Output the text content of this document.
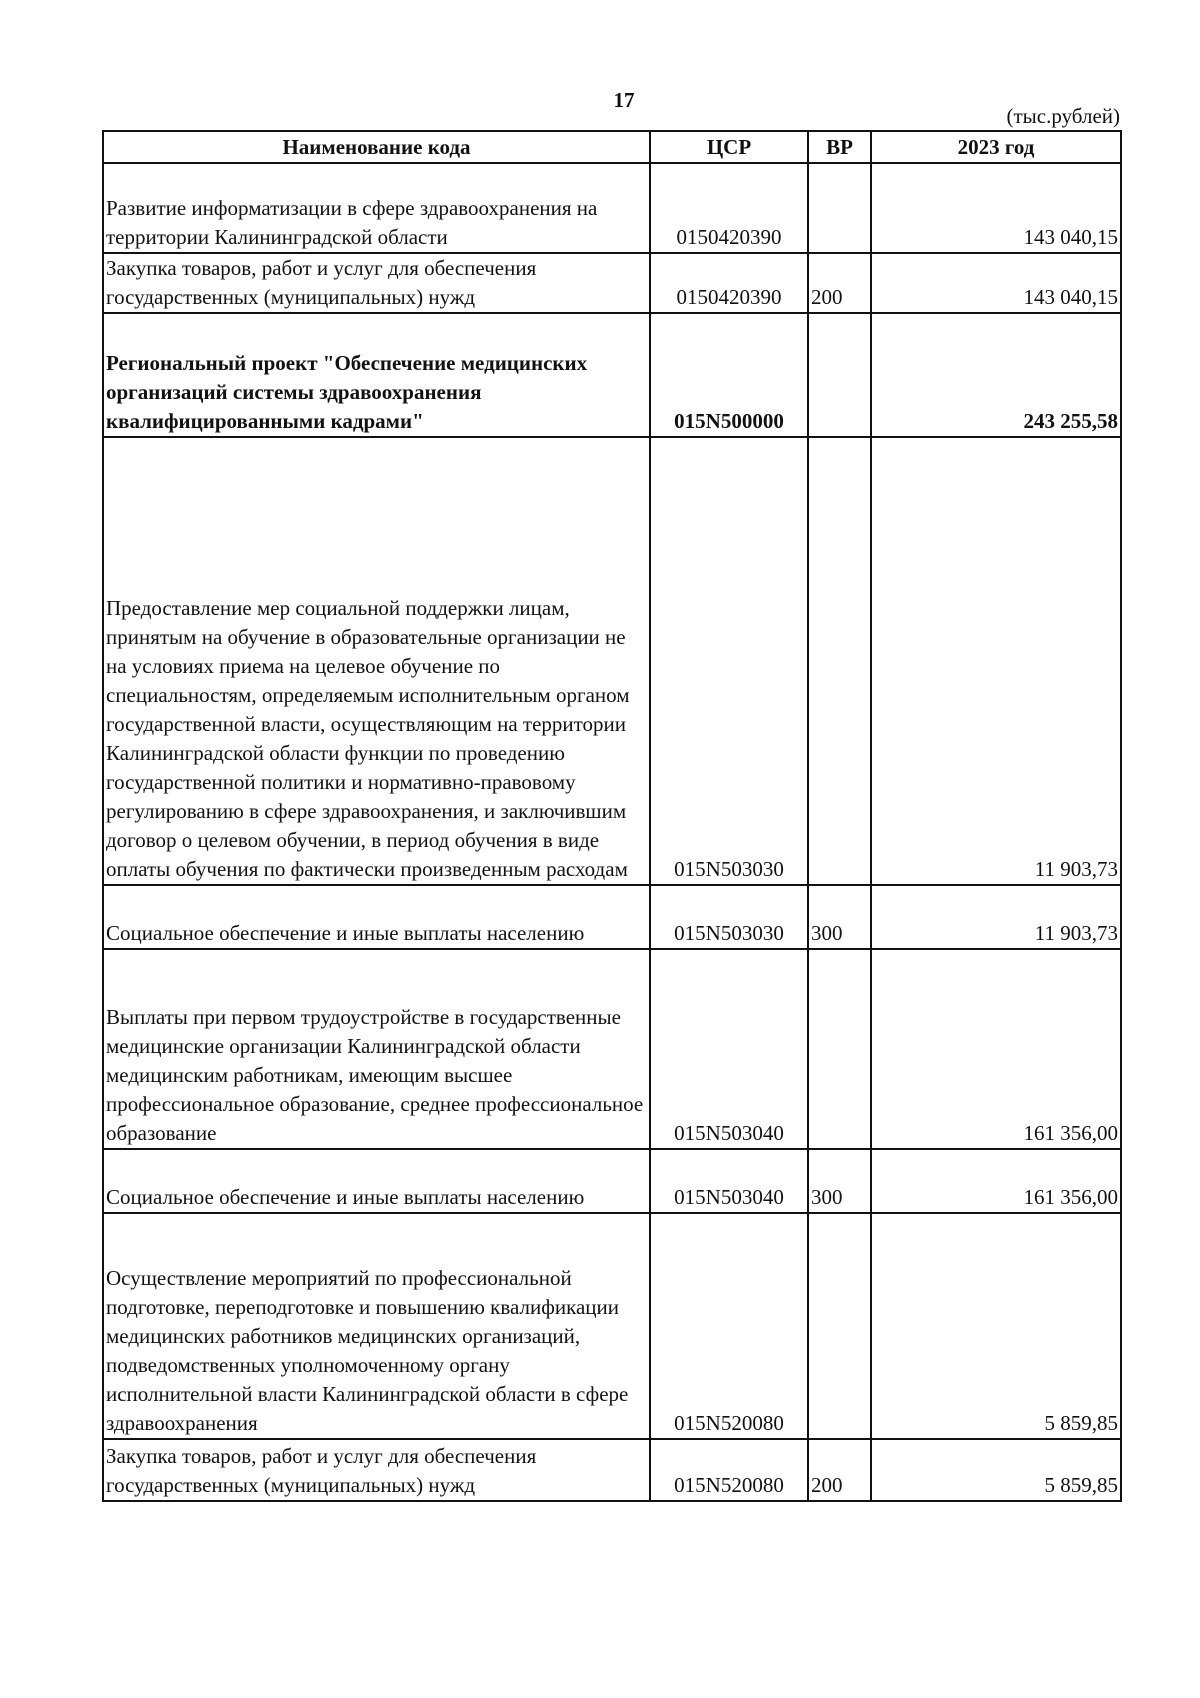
17
(тыс.рублей)
Наименование кода	ЦСР	ВР	2023 год
Развитие информатизации в сфере здравоохранения на территории Калининградской области	0150420390		143 040,15
Закупка товаров, работ и услуг для обеспечения государственных (муниципальных) нужд	0150420390	200	143 040,15
Региональный проект "Обеспечение медицинских организаций системы здравоохранения квалифицированными кадрами"	015N500000		243 255,58
Предоставление мер социальной поддержки лицам, принятым на обучение в образовательные организации не на условиях приема на целевое обучение по специальностям, определяемым исполнительным органом государственной власти, осуществляющим на территории Калининградской области функции по проведению государственной политики и нормативно-правовому регулированию в сфере здравоохранения, и заключившим договор о целевом обучении, в период обучения в виде оплаты обучения по фактически произведенным расходам	015N503030		11 903,73
Социальное обеспечение и иные выплаты населению	015N503030	300	11 903,73
Выплаты при первом трудоустройстве в государственные медицинские организации Калининградской области медицинским работникам, имеющим высшее профессиональное образование, среднее профессиональное образование	015N503040		161 356,00
Социальное обеспечение и иные выплаты населению	015N503040	300	161 356,00
Осуществление мероприятий по профессиональной подготовке, переподготовке и повышению квалификации медицинских работников медицинских организаций, подведомственных уполномоченному органу исполнительной власти Калининградской области в сфере здравоохранения	015N520080		5 859,85
Закупка товаров, работ и услуг для обеспечения государственных (муниципальных) нужд	015N520080	200	5 859,85
